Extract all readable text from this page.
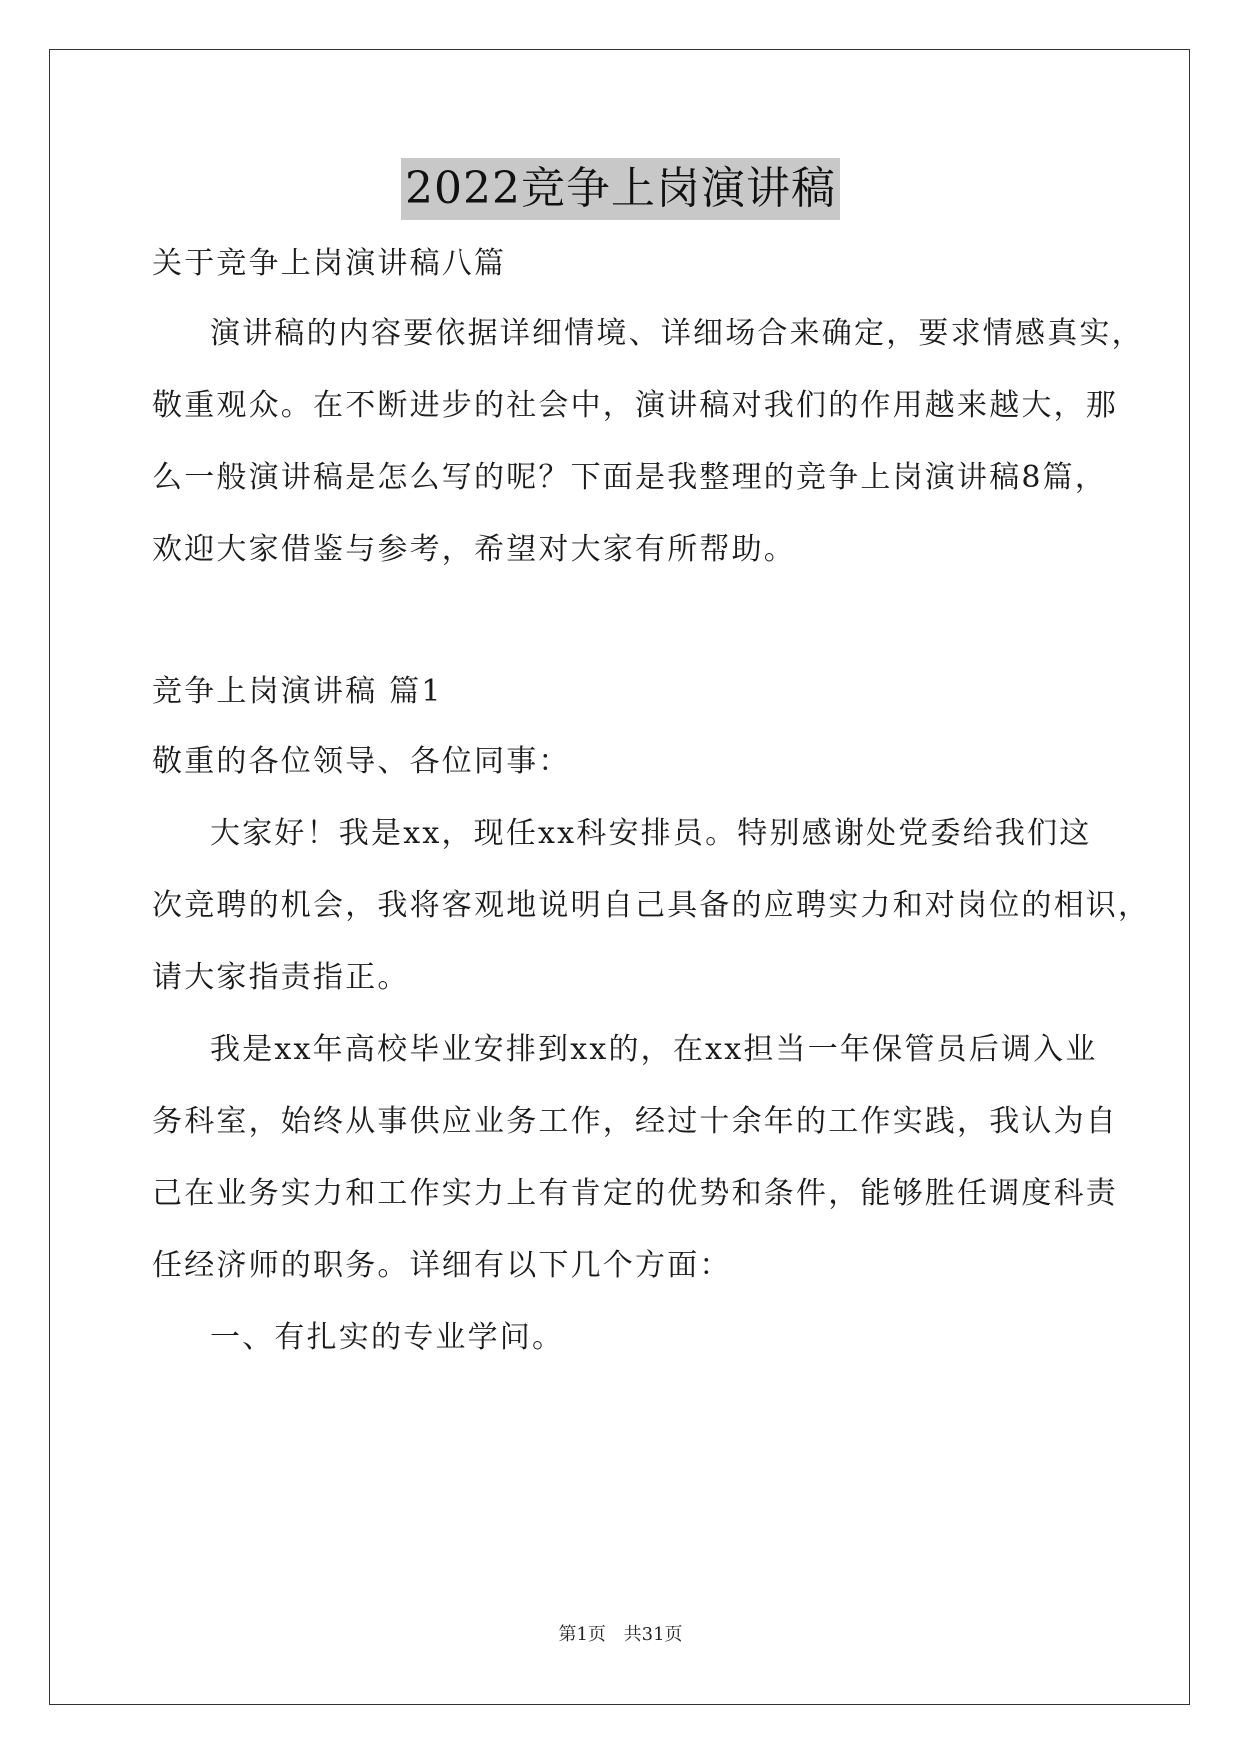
2022竞争上岗演讲稿
关于竞争上岗演讲稿八篇
演讲稿的内容要依据详细情境、详细场合来确定，要求情感真实，
敬重观众。在不断进步的社会中，演讲稿对我们的作用越来越大，那
么一般演讲稿是怎么写的呢？下面是我整理的竞争上岗演讲稿8篇，
欢迎大家借鉴与参考，希望对大家有所帮助。
竞争上岗演讲稿 篇1
敬重的各位领导、各位同事：
大家好！我是xx，现任xx科安排员。特别感谢处党委给我们这
次竞聘的机会，我将客观地说明自己具备的应聘实力和对岗位的相识，
请大家指责指正。
我是xx年高校毕业安排到xx的，在xx担当一年保管员后调入业
务科室，始终从事供应业务工作，经过十余年的工作实践，我认为自
己在业务实力和工作实力上有肯定的优势和条件，能够胜任调度科责
任经济师的职务。详细有以下几个方面：
一、有扎实的专业学问。
第1页 共31页
